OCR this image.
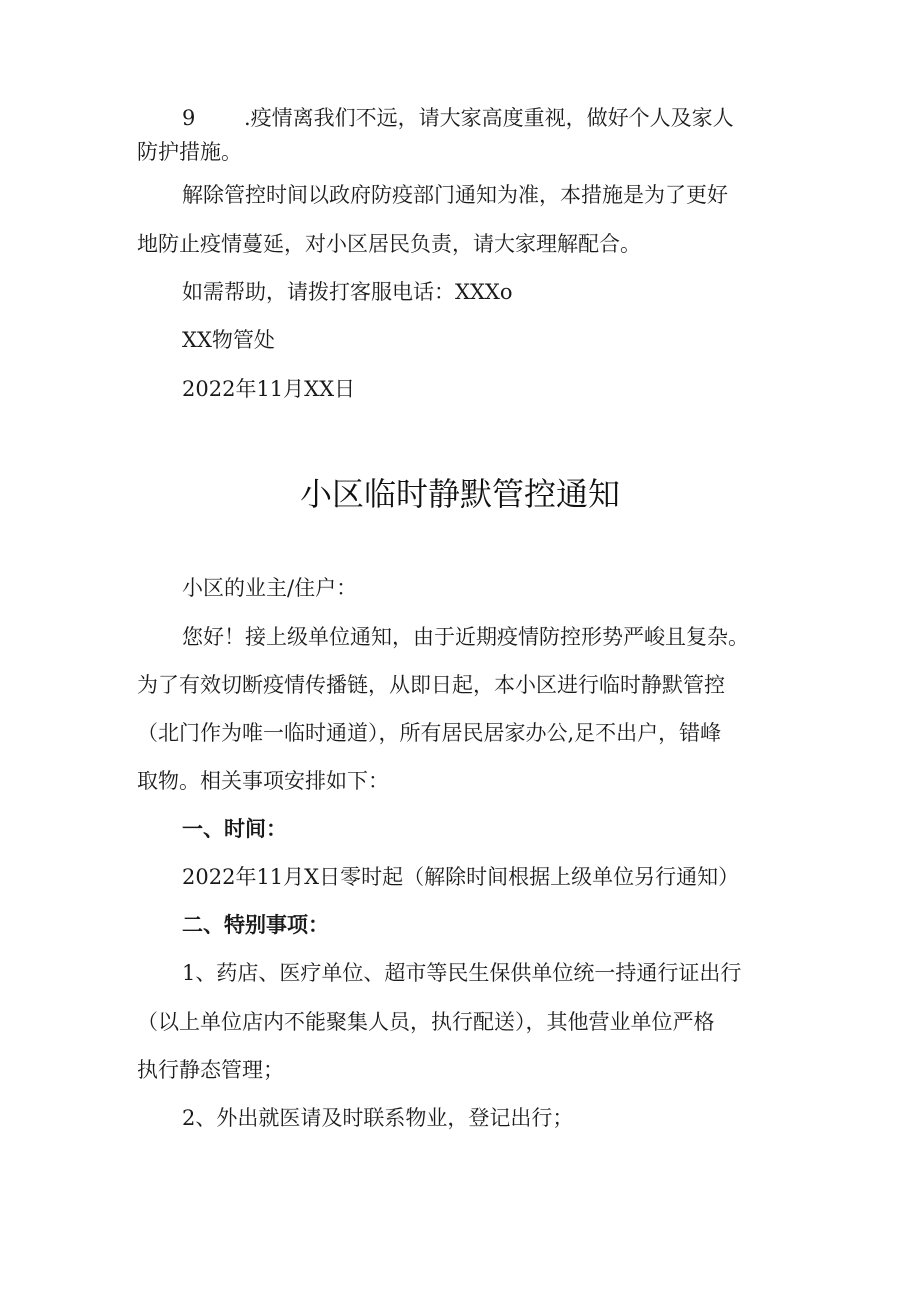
9 .疫情离我们不远，请大家高度重视，做好个人及家人
防护措施。
解除管控时间以政府防疫部门通知为准，本措施是为了更好
地防止疫情蔓延，对小区居民负责，请大家理解配合。
如需帮助，请拨打客服电话：XXXo
XX物管处
2022年11月XX日
小区临时静默管控通知
小区的业主/住户：
您好！接上级单位通知，由于近期疫情防控形势严峻且复杂。
为了有效切断疫情传播链，从即日起，本小区进行临时静默管控
（北门作为唯一临时通道），所有居民居家办公,足不出户，错峰
取物。相关事项安排如下：
一、时间：
2022年11月X日零时起（解除时间根据上级单位另行通知）
二、特别事项：
1、药店、医疗单位、超市等民生保供单位统一持通行证出行
（以上单位店内不能聚集人员，执行配送），其他营业单位严格
执行静态管理；
2、外出就医请及时联系物业，登记出行；
